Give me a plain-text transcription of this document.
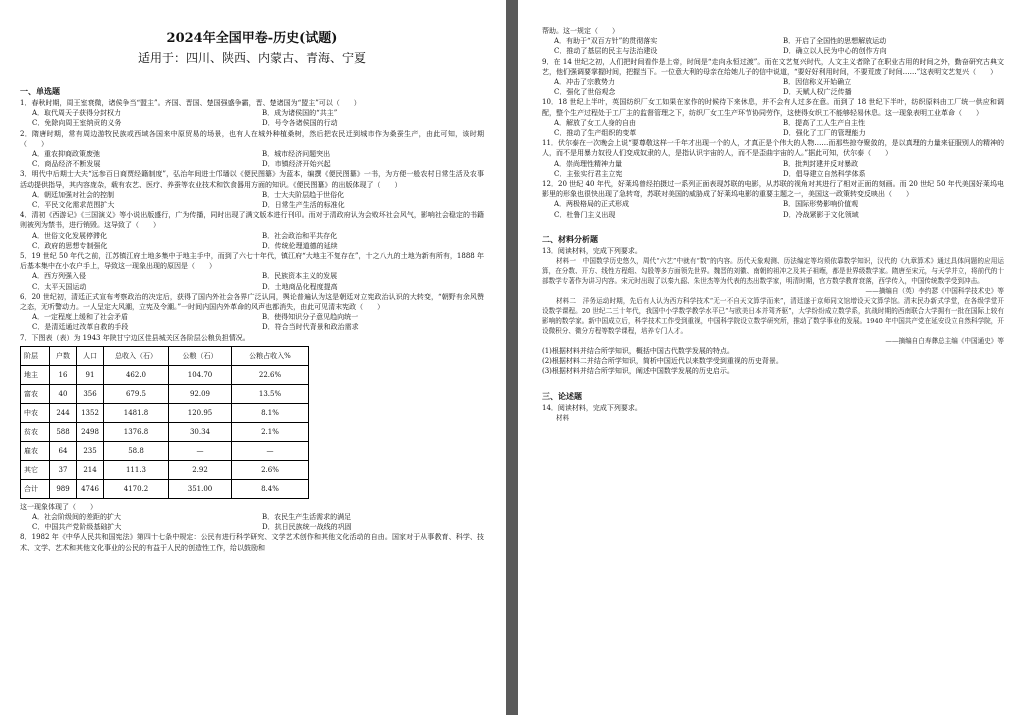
2024年全国甲卷-历史(试题)
适用于：四川、陕西、内蒙古、青海、宁夏
一、单选题

1．春秋时期，周王室衰微，诸侯争当“盟主”。齐国、晋国、楚国强盛争霸，晋、楚诸国为“盟主”可以（　　）

A．取代周天子获得分封权力	B．成为诸侯国的“共主”
C．免除向周王室纳贡的义务	D．号令各诸侯国的行动

2．隋唐时期，常有周边游牧民族或西域各国来中原贸易的场景，也有人在城外种植桑树，然后把农民迁到城市作为桑蚕生产，由此可知，该时期（　　）

A．重农抑商政策废弛	B．城市经济问题突出
C．商品经济不断发展	D．市镇经济开始兴起

3．明代中后期士大夫“远参百日商贾经籍制度”，弘治年间进士邝璠以《便民图纂》为蓝本，编撰《便民图纂》一书，为方便一般农村日常生活及农事活动提供指导，其内容庞杂，载有农艺、医疗、养蚕等农业技术和饮食器用方面的知识。《便民图纂》的出版体现了（　　）

A．朝廷加强对社会的控制	B．士大夫阶层趋于世俗化
C．平民文化需求范围扩大	D．日常生产生活的标准化

4．清初《西游记》《三国演义》等小说出版盛行，广为传播，同时出现了满文版本进行刊印。而对于清政府认为会败坏社会风气，影响社会稳定的书籍则被列为禁书，进行销毁。这导致了（　　）

A．世俗文化发展停滞化	B．社会政治和平共存化
C．政府的思想专制强化	D．传统伦理道德的延续

5．19 世纪 50 年代之前，江苏镇江府土地多集中于地主手中，而到了六七十年代，镇江府“大地主不复存在”，十之八九的土地为新有所有，1888 年后基本集中在小农户手上，导致这一现象出现的原因是（　　）

A．西方列强入侵	B．民族资本主义的发展
C．太平天国运动	D．土地商品化程度提高

6．20 世纪初，清廷正式宣布考察政治的决定后，获得了国内外社会各界广泛认同，舆论普遍认为这是朝廷对立宪政治认识的大转变，“朝野有余风赞之态，无听警动力。一人呈定大风潮，立宪及令潮。”一时间内国内外革命的风声也都消失，由此可见清末宪政（　　）

A．一定程度上缓和了社会矛盾	B．使得知识分子意见趋向统一
C．是清廷通过改革自救的手段	D．符合当时代背景和政治需求

7．下图表（表）为 1943 年陕甘宁边区佳县城关区各阶层公粮负担情况。

阶层	户数	人口	总收入（石）	公粮（石）	公粮占收入%
地主	16	91	462.0	104.70	22.6%
富农	40	356	679.5	92.09	13.5%
中农	244	1352	1481.8	120.95	8.1%
贫农	588	2498	1376.8	30.34	2.1%
雇农	64	235	58.8	—	—
其它	37	214	111.3	2.92	2.6%
合计	989	4746	4170.2	351.00	8.4%

这一现象体现了（　　）

A．社会阶级间的差距的扩大	B．农民生产生活需求的满足
C．中国共产党阶级基础扩大	D．抗日民族统一战线的巩固

8．1982 年《中华人民共和国宪法》第四十七条中规定：公民有进行科学研究、文学艺术创作和其他文化活动的自由。国家对于从事教育、科学、技术、文学、艺术和其他文化事业的公民的有益于人民的创造性工作，给以鼓励和

帮助。这一规定（　　）

A．有助于“双百方针”的贯彻落实	B．开启了全国性的思想解放运动
C．推动了基层的民主与法治建设	D．确立以人民为中心的创作方向

9．在 14 世纪之初，人们把时间看作是上帝，时间是“走向永恒过渡”。而在文艺复兴时代，人文主义者除了在职业古用的时间之外，勤奋研究古典文艺，他们强调要掌握时间，把握当下。一位意大利的母亲在给她儿子的信中说道，“要好好利用时间，不要荒废了时间……”这表明文艺复兴（　　）

A．冲击了宗教势力	B．因信称义开始确立
C．强化了世俗观念	D．天赋人权广泛传播

10．18 世纪上半叶，英国纺织厂女工如果在家作的时候待下来休息，并不会有人过多在意。而到了 18 世纪下半叶，纺织原料由工厂统一供应和调配，整个生产过程处于工厂主的监督管理之下，纺织厂女工生产环节协同劳作，这使得女织工不能够轻易休息。这一现象表明工业革命（　　）

A．解放了女工人身的自由	B．提高了工人生产自主性
C．推动了生产组织的变革	D．强化了工厂的管理能力

11．伏尔泰在一次晚会上说“要尊敬这样一千年才出现一个的人，才真正是个伟大的人物……而那些掠夺聚敛的，是以真理的力量来征服别人的精神的人，而不是用暴力奴役人们变成奴隶的人，是指认识宇宙的人，而不是歪曲宇宙的人。”据此可知，伏尔泰（　　）

A．崇尚理性精神力量	B．批判封建并反对暴政
C．主张实行君主立宪	D．倡导建立自然科学体系

12．20 世纪 40 年代，好莱坞曾经拍摄过一系列正面表现苏联的电影，从苏联的视角对其进行了相对正面的刻画。而 20 世纪 50 年代美国好莱坞电影里的形象也很快出现了急转弯，苏联对美国的威胁成了好莱坞电影的重要主题之一，美国这一政策转变反映出（　　）

A．两极格局的正式形成	B．国际形势影响价值观
C．杜鲁门主义出现	D．冷战紧影于文化领域
二、材料分析题

13．阅读材料，完成下列要求。

材料一　中国数学历史悠久，周代“六艺”中就有“数”的内容。历代天象观测、历法编定等均须依靠数学知识，汉代的《九章算术》通过具体问题的应用运算，在分数、开方、线性方程组、勾股等多方面领先世界。魏晋的刘徽、南朝的祖冲之及其子祖暅，都是世界级数学家。隋唐至宋元，与天学并立，将前代的十部数学专著作为讲习内容。宋元时出现了以秦九韶、朱世杰等为代表的杰出数学家，明清时期，官方数学教育衰落，西学传入，中国传统数学受到冲击。

——摘编自（英）李约瑟《中国科学技术史》等

材料二　洋务运动时期，先后有人认为西方科学技术“无一不自天文算学而来”，清廷遂于京师同文馆增设天文算学馆。清末民办新式学堂，在各级学堂开设数学课程。20 世纪二三十年代，我国中小学数学教学水平已“与欧美日本并驾齐驱”，大学纷纷成立数学系，抗战时期的西南联合大学拥有一批在国际上较有影响的数学家。新中国成立后，科学技术工作受到重视，中国科学院设立数学研究所，推动了数学事业的发展。1940 年中国共产党在延安设立自然科学院，开设微积分、微分方程等数学课程，培养专门人才。

——摘编自白寿彝总主编《中国通史》等

(1)根据材料并结合所学知识，概括中国古代数学发展的特点。

(2)根据材料二并结合所学知识，简析中国近代以来数学受到重视的历史背景。

(3)根据材料并结合所学知识，阐述中国数学发展的历史启示。

三、论述题

14．阅读材料，完成下列要求。

材料
